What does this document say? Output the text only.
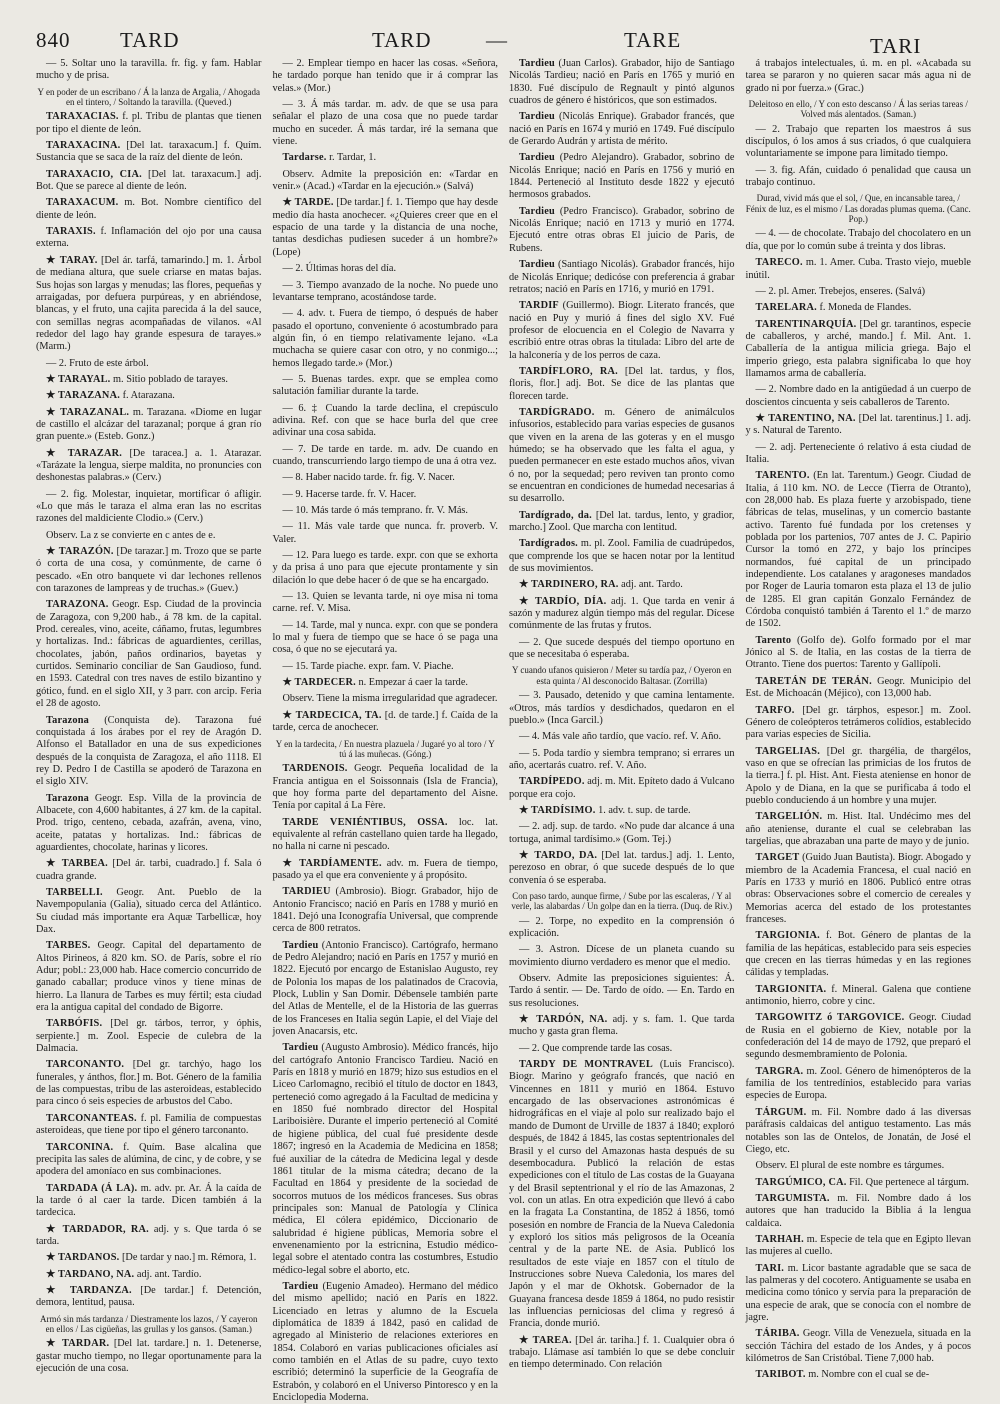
840 TARD	TARD	—	TARE	TARI

— 5. Soltar uno la taravilla. fr. fig. y fam. Hablar mucho y de prisa.

Y en poder de un escribano / Á la lanza de Argalia, / Ahogada en el tintero, / Soltando la taravilla. (Queved.)

TARAXACIAS. f. pl. Tribu de plantas que tienen por tipo el diente de león.

TARAXACINA. [Del lat. taraxacum.] f. Quím. Sustancia que se saca de la raíz del diente de león.

TARAXACIO, CIA. [Del lat. taraxacum.] adj. Bot. Que se parece al diente de león.

TARAXACUM. m. Bot. Nombre científico del diente de león.

TARAXIS. f. Inflamación del ojo por una causa externa.

★ TARAY. [Del ár. tarfá, tamarindo.] m. 1. Árbol de mediana altura, que suele criarse en matas bajas. Sus hojas son largas y menudas; las flores, pequeñas y arraigadas, por defuera purpúreas, y en abriéndose, blancas, y el fruto, una cajita parecida á la del sauce, con semillas negras acompañadas de vilanos. «Al rededor del lago hay grande espesura de tarayes.» (Marm.)

— 2. Fruto de este árbol.

★ TARAYAL. m. Sitio poblado de tarayes.

★ TARAZANA. f. Atarazana.

★ TARAZANAL. m. Tarazana. «Diome en lugar de castillo el alcázar del tarazanal; porque á gran río gran puente.» (Esteb. Gonz.)

★ TARAZAR. [De taracea.] a. 1. Atarazar. «Tarázate la lengua, sierpe maldita, no pronuncies con deshonestas palabras.» (Cerv.)

— 2. fig. Molestar, inquietar, mortificar ó afligir. «Lo que más le taraza el alma eran las no escritas razones del maldiciente Clodio.» (Cerv.)

Observ. La z se convierte en c antes de e.

★ TARAZÓN. [De tarazar.] m. Trozo que se parte ó corta de una cosa, y comúnmente, de carne ó pescado. «En otro banquete vi dar lechones rellenos con tarazones de lampreas y de truchas.» (Guev.)

TARAZONA. Geogr. Esp. Ciudad de la provincia de Zaragoza, con 9,200 hab., á 78 km. de la capital. Prod. cereales, vino, aceite, cáñamo, frutas, legumbres y hortalizas. Ind.: fábricas de aguardientes, cerillas, chocolates, jabón, paños ordinarios, bayetas y curtidos. Seminario conciliar de San Gaudioso, fund. en 1593. Catedral con tres naves de estilo bizantino y gótico, fund. en el siglo XII, y 3 parr. con arcip. Feria el 28 de agosto.

Tarazona (Conquista de). Tarazona fué conquistada á los árabes por el rey de Aragón D. Alfonso el Batallador en una de sus expediciones después de la conquista de Zaragoza, el año 1118. El rey D. Pedro I de Castilla se apoderó de Tarazona en el siglo XIV.

Tarazona Geogr. Esp. Villa de la provincia de Albacete, con 4,600 habitantes, á 27 km. de la capital. Prod. trigo, centeno, cebada, azafrán, avena, vino, aceite, patatas y hortalizas. Ind.: fábricas de aguardientes, chocolate, harinas y licores.

★ TARBEA. [Del ár. tarbi, cuadrado.] f. Sala ó cuadra grande.

TARBELLI. Geogr. Ant. Pueblo de la Navempopulania (Galia), situado cerca del Atlántico. Su ciudad más importante era Aquæ Tarbellicæ, hoy Dax.

TARBES. Geogr. Capital del departamento de Altos Pirineos, á 820 km. SO. de París, sobre el río Adur; pobl.: 23,000 hab. Hace comercio concurrido de ganado caballar; produce vinos y tiene minas de hierro. La llanura de Tarbes es muy fértil; esta ciudad era la antigua capital del condado de Bigorre.

TARBÓFIS. [Del gr. tárbos, terror, y óphis, serpiente.] m. Zool. Especie de culebra de la Dalmacia.

TARCONANTO. [Del gr. tarchýo, hago los funerales, y ánthos, flor.] m. Bot. Género de la familia de las compuestas, tribu de las asteroideas, establecido para cinco ó seis especies de arbustos del Cabo.

TARCONANTEAS. f. pl. Familia de compuestas asteroideas, que tiene por tipo el género tarconanto.

TARCONINA. f. Quím. Base alcalina que precipita las sales de alúmina, de cinc, y de cobre, y se apodera del amoníaco en sus combinaciones.

TARDADA (Á LA). m. adv. pr. Ar. Á la caída de la tarde ó al caer la tarde. Dicen también á la tardecica.

★ TARDADOR, RA. adj. y s. Que tarda ó se tarda.

★ TARDANOS. [De tardar y nao.] m. Rémora, 1.

★ TARDANO, NA. adj. ant. Tardío.

★ TARDANZA. [De tardar.] f. Detención, demora, lentitud, pausa.

Armó sin más tardanza / Diestramente los lazos, / Y cayeron en ellos / Las cigüeñas, las grullas y los gansos. (Saman.)

★ TARDAR. [Del lat. tardare.] n. 1. Detenerse, gastar mucho tiempo, no llegar oportunamente para la ejecución de una cosa.

— 2. Emplear tiempo en hacer las cosas. «Señora, he tardado porque han tenido que ir á comprar las velas.» (Mor.)

— 3. Á más tardar. m. adv. de que se usa para señalar el plazo de una cosa que no puede tardar mucho en suceder. Á más tardar, iré la semana que viene.

Tardarse. r. Tardar, 1.

Observ. Admite la preposición en: «Tardar en venir.» (Acad.) «Tardar en la ejecución.» (Salvá)

★ TARDE. [De tardar.] f. 1. Tiempo que hay desde medio día hasta anochecer. «¿Quieres creer que en el espacio de una tarde y la distancia de una noche, tantas desdichas pudiesen suceder á un hombre?» (Lope)

— 2. Últimas horas del día.

— 3. Tiempo avanzado de la noche. No puede uno levantarse temprano, acostándose tarde.

— 4. adv. t. Fuera de tiempo, ó después de haber pasado el oportuno, conveniente ó acostumbrado para algún fin, ó en tiempo relativamente lejano. «La muchacha se quiere casar con otro, y no conmigo...; hemos llegado tarde.» (Mor.)

— 5. Buenas tardes. expr. que se emplea como salutación familiar durante la tarde.

— 6. ‡ Cuando la tarde declina, el crepúsculo adivina. Ref. con que se hace burla del que cree adivinar una cosa sabida.

— 7. De tarde en tarde. m. adv. De cuando en cuando, transcurriendo largo tiempo de una á otra vez.

— 8. Haber nacido tarde. fr. fig. V. Nacer.

— 9. Hacerse tarde. fr. V. Hacer.

— 10. Más tarde ó más temprano. fr. V. Más.

— 11. Más vale tarde que nunca. fr. proverb. V. Valer.

— 12. Para luego es tarde. expr. con que se exhorta y da prisa á uno para que ejecute prontamente y sin dilación lo que debe hacer ó de que se ha encargado.

— 13. Quien se levanta tarde, ni oye misa ni toma carne. ref. V. Misa.

— 14. Tarde, mal y nunca. expr. con que se pondera lo mal y fuera de tiempo que se hace ó se paga una cosa, ó que no se ejecutará ya.

— 15. Tarde piache. expr. fam. V. Piache.

★ TARDECER. n. Empezar á caer la tarde.

Observ. Tiene la misma irregularidad que agradecer.

★ TARDECICA, TA. [d. de tarde.] f. Caída de la tarde, cerca de anochecer.

Y en la tardecita, / En nuestra plazuela / Jugaré yo al toro / Y tú á las muñecas. (Góng.)

TARDENOIS. Geogr. Pequeña localidad de la Francia antigua en el Soissonnais (Isla de Francia), que hoy forma parte del departamento del Aisne. Tenía por capital á La Fère.

TARDE VENIÉNTIBUS, OSSA. loc. lat. equivalente al refrán castellano quien tarde ha llegado, no halla ni carne ni pescado.

★ TARDÍAMENTE. adv. m. Fuera de tiempo, pasado ya el que era conveniente y á propósito.

TARDIEU (Ambrosio). Biogr. Grabador, hijo de Antonio Francisco; nació en París en 1788 y murió en 1841. Dejó una Iconografía Universal, que comprende cerca de 800 retratos.

Tardieu (Antonio Francisco). Cartógrafo, hermano de Pedro Alejandro; nació en París en 1757 y murió en 1822. Ejecutó por encargo de Estanislao Augusto, rey de Polonia los mapas de los palatinados de Cracovia, Plock, Lublin y San Domir. Débensele también parte del Atlas de Mentelle, el de la Historia de las guerras de los Franceses en Italia según Lapie, el del Viaje del joven Anacarsis, etc.

Tardieu (Augusto Ambrosio). Médico francés, hijo del cartógrafo Antonio Francisco Tardieu. Nació en París en 1818 y murió en 1879; hizo sus estudios en el Liceo Carlomagno, recibió el título de doctor en 1843, perteneció como agregado á la Facultad de medicina y en 1850 fué nombrado director del Hospital Lariboisière. Durante el imperio perteneció al Comité de higiene pública, del cual fué presidente desde 1867; ingresó en la Academia de Medicina en 1858; fué auxiliar de la cátedra de Medicina legal y desde 1861 titular de la misma cátedra; decano de la Facultad en 1864 y presidente de la sociedad de socorros mutuos de los médicos franceses. Sus obras principales son: Manual de Patología y Clínica médica, El cólera epidémico, Diccionario de salubridad é higiene públicas, Memoria sobre el envenenamiento por la estricnina, Estudio médico-legal sobre el atentado contra las costumbres, Estudio médico-legal sobre el aborto, etc.

Tardieu (Eugenio Amadeo). Hermano del médico del mismo apellido; nació en París en 1822. Licenciado en letras y alumno de la Escuela diplomática de 1839 á 1842, pasó en calidad de agregado al Ministerio de relaciones exteriores en 1854. Colaboró en varias publicaciones oficiales así como también en el Atlas de su padre, cuyo texto escribió; determinó la superficie de la Geografía de Estrabón, y colaboró en el Universo Pintoresco y en la Enciclopedia Moderna.

Tardieu (Juan Carlos). Grabador, hijo de Santiago Nicolás Tardieu; nació en París en 1765 y murió en 1830. Fué discípulo de Regnault y pintó algunos cuadros de género é históricos, que son estimados.

Tardieu (Nicolás Enrique). Grabador francés, que nació en París en 1674 y murió en 1749. Fué discípulo de Gerardo Audrán y artista de mérito.

Tardieu (Pedro Alejandro). Grabador, sobrino de Nicolás Enrique; nació en París en 1756 y murió en 1844. Perteneció al Instituto desde 1822 y ejecutó hermosos grabados.

Tardieu (Pedro Francisco). Grabador, sobrino de Nicolás Enrique; nació en 1713 y murió en 1774. Ejecutó entre otras obras El juicio de Paris, de Rubens.

Tardieu (Santiago Nicolás). Grabador francés, hijo de Nicolás Enrique; dedicóse con preferencia á grabar retratos; nació en París en 1716, y murió en 1791.

TARDIF (Guillermo). Biogr. Literato francés, que nació en Puy y murió á fines del siglo XV. Fué profesor de elocuencia en el Colegio de Navarra y escribió entre otras obras la titulada: Libro del arte de la halconería y de los perros de caza.

TARDÍFLORO, RA. [Del lat. tardus, y flos, floris, flor.] adj. Bot. Se dice de las plantas que florecen tarde.

TARDÍGRADO. m. Género de animálculos infusorios, establecido para varias especies de gusanos que viven en la arena de las goteras y en el musgo húmedo; se ha observado que les falta el agua, y pueden permanecer en este estado muchos años, vivan ó no, por la sequedad; pero reviven tan pronto como se encuentran en condiciones de humedad necesarias á su desarrollo.

Tardígrado, da. [Del lat. tardus, lento, y gradior, marcho.] Zool. Que marcha con lentitud.

Tardígrados. m. pl. Zool. Familia de cuadrúpedos, que comprende los que se hacen notar por la lentitud de sus movimientos.

★ TARDINERO, RA. adj. ant. Tardo.

★ TARDÍO, DÍA. adj. 1. Que tarda en venir á sazón y madurez algún tiempo más del regular. Dícese comúnmente de las frutas y frutos.

— 2. Que sucede después del tiempo oportuno en que se necesitaba ó esperaba.

Y cuando ufanos quisieron / Meter su tardía paz, / Oyeron en esta quinta / Al desconocido Baltasar. (Zorrilla)

— 3. Pausado, detenido y que camina lentamente. «Otros, más tardíos y desdichados, quedaron en el pueblo.» (Inca Garcil.)

— 4. Más vale año tardío, que vacío. ref. V. Año.

— 5. Poda tardío y siembra temprano; si errares un año, acertarás cuatro. ref. V. Año.

TARDÍPEDO. adj. m. Mit. Epíteto dado á Vulcano porque era cojo.

★ TARDÍSIMO. 1. adv. t. sup. de tarde.

— 2. adj. sup. de tardo. «No pude dar alcance á una tortuga, animal tardísimo.» (Gom. Tej.)

★ TARDO, DA. [Del lat. tardus.] adj. 1. Lento, perezoso en obrar, ó que sucede después de lo que convenía ó se esperaba.

Con paso tardo, aunque firme, / Sube por las escaleras, / Y al verle, las alabardas / Un golpe dan en la tierra. (Duq. de Riv.)

— 2. Torpe, no expedito en la comprensión ó explicación.

— 3. Astron. Dícese de un planeta cuando su movimiento diurno verdadero es menor que el medio.

Observ. Admite las preposiciones siguientes: Á. Tardo á sentir. — De. Tardo de oído. — En. Tardo en sus resoluciones.

★ TARDÓN, NA. adj. y s. fam. 1. Que tarda mucho y gasta gran flema.

— 2. Que comprende tarde las cosas.

TARDY DE MONTRAVEL (Luis Francisco). Biogr. Marino y geógrafo francés, que nació en Vincennes en 1811 y murió en 1864. Estuvo encargado de las observaciones astronómicas é hidrográficas en el viaje al polo sur realizado bajo el mando de Dumont de Urville de 1837 á 1840; exploró después, de 1842 á 1845, las costas septentrionales del Brasil y el curso del Amazonas hasta después de su desembocadura. Publicó la relación de estas expediciones con el título de Las costas de la Guayana y del Brasil septentrional y el río de las Amazonas, 2 vol. con un atlas. En otra expedición que llevó á cabo en la fragata La Constantina, de 1852 á 1856, tomó posesión en nombre de Francia de la Nueva Caledonia y exploró los sitios más peligrosos de la Oceanía central y de la parte NE. de Asia. Publicó los resultados de este viaje en 1857 con el título de Instrucciones sobre Nueva Caledonia, los mares del Japón y el mar de Okhotsk. Gobernador de la Guayana francesa desde 1859 á 1864, no pudo resistir las influencias perniciosas del clima y regresó á Francia, donde murió.

★ TAREA. [Del ár. tariha.] f. 1. Cualquier obra ó trabajo. Llámase así también lo que se debe concluir en tiempo determinado. Con relación

á trabajos intelectuales, ú. m. en pl. «Acabada su tarea se pararon y no quieren sacar más agua ni de grado ni por fuerza.» (Grac.)

Deleitoso en ello, / Y con esto descanso / Á las serias tareas / Volved más alentados. (Saman.)

— 2. Trabajo que reparten los maestros á sus discípulos, ó los amos á sus criados, ó que cualquiera voluntariamente se impone para limitado tiempo.

— 3. fig. Afán, cuidado ó penalidad que causa un trabajo continuo.

Durad, vivid más que el sol, / Que, en incansable tarea, / Fénix de luz, es el mismo / Las doradas plumas quema. (Canc. Pop.)

— 4. — de chocolate. Trabajo del chocolatero en un día, que por lo común sube á treinta y dos libras.

TARECO. m. 1. Amer. Cuba. Trasto viejo, mueble inútil.

— 2. pl. Amer. Trebejos, enseres. (Salvá)

TARELARA. f. Moneda de Flandes.

TARENTINARQUÍA. [Del gr. tarantinos, especie de caballeros, y arché, mando.] f. Mil. Ant. 1. Caballería de la antigua milicia griega. Bajo el imperio griego, esta palabra significaba lo que hoy llamamos arma de caballería.

— 2. Nombre dado en la antigüedad á un cuerpo de doscientos cincuenta y seis caballeros de Tarento.

★ TARENTINO, NA. [Del lat. tarentinus.] 1. adj. y s. Natural de Tarento.

— 2. adj. Perteneciente ó relativo á esta ciudad de Italia.

TARENTO. (En lat. Tarentum.) Geogr. Ciudad de Italia, á 110 km. NO. de Lecce (Tierra de Otranto), con 28,000 hab. Es plaza fuerte y arzobispado, tiene fábricas de telas, muselinas, y un comercio bastante activo. Tarento fué fundada por los cretenses y poblada por los partenios, 707 antes de J. C. Papirio Cursor la tomó en 272, y bajo los príncipes normandos, fué capital de un principado independiente. Los catalanes y aragoneses mandados por Roger de Lauria tomaron esta plaza el 13 de julio de 1285. El gran capitán Gonzalo Fernández de Córdoba conquistó también á Tarento el 1.º de marzo de 1502.

Tarento (Golfo de). Golfo formado por el mar Jónico al S. de Italia, en las costas de la tierra de Otranto. Tiene dos puertos: Tarento y Gallípoli.

TARETÁN DE TERÁN. Geogr. Municipio del Est. de Michoacán (Méjico), con 13,000 hab.

TARFO. [Del gr. tárphos, espesor.] m. Zool. Género de coleópteros tetrámeros colídios, establecido para varias especies de Sicilia.

TARGELIAS. [Del gr. thargélia, de thargélos, vaso en que se ofrecían las primicias de los frutos de la tierra.] f. pl. Hist. Ant. Fiesta ateniense en honor de Apolo y de Diana, en la que se purificaba á todo el pueblo conduciendo á un hombre y una mujer.

TARGELIÓN. m. Hist. Ital. Undécimo mes del año ateniense, durante el cual se celebraban las targelias, que abrazaban una parte de mayo y de junio.

TARGET (Guido Juan Bautista). Biogr. Abogado y miembro de la Academia Francesa, el cual nació en París en 1733 y murió en 1806. Publicó entre otras obras: Observaciones sobre el comercio de cereales y Memorias acerca del estado de los protestantes franceses.

TARGIONIA. f. Bot. Género de plantas de la familia de las hepáticas, establecido para seis especies que crecen en las tierras húmedas y en las regiones cálidas y templadas.

TARGIONITA. f. Mineral. Galena que contiene antimonio, hierro, cobre y cinc.

TARGOWITZ ó TARGOVICE. Geogr. Ciudad de Rusia en el gobierno de Kiev, notable por la confederación del 14 de mayo de 1792, que preparó el segundo desmembramiento de Polonia.

TARGRA. m. Zool. Género de himenópteros de la familia de los tentredínios, establecido para varias especies de Europa.

TÁRGUM. m. Fil. Nombre dado á las diversas paráfrasis caldaicas del antiguo testamento. Las más notables son las de Ontelos, de Jonatán, de José el Ciego, etc.

Observ. El plural de este nombre es tárgumes.

TARGÚMICO, CA. Fil. Que pertenece al tárgum.

TARGUMISTA. m. Fil. Nombre dado á los autores que han traducido la Biblia á la lengua caldaica.

TARHAH. m. Especie de tela que en Egipto llevan las mujeres al cuello.

TARI. m. Licor bastante agradable que se saca de las palmeras y del cocotero. Antiguamente se usaba en medicina como tónico y servía para la preparación de una especie de arak, que se conocía con el nombre de jagre.

TÁRIBA. Geogr. Villa de Venezuela, situada en la sección Táchira del estado de los Andes, y á pocos kilómetros de San Cristóbal. Tiene 7,000 hab.

TARIBOT. m. Nombre con el cual se de-
